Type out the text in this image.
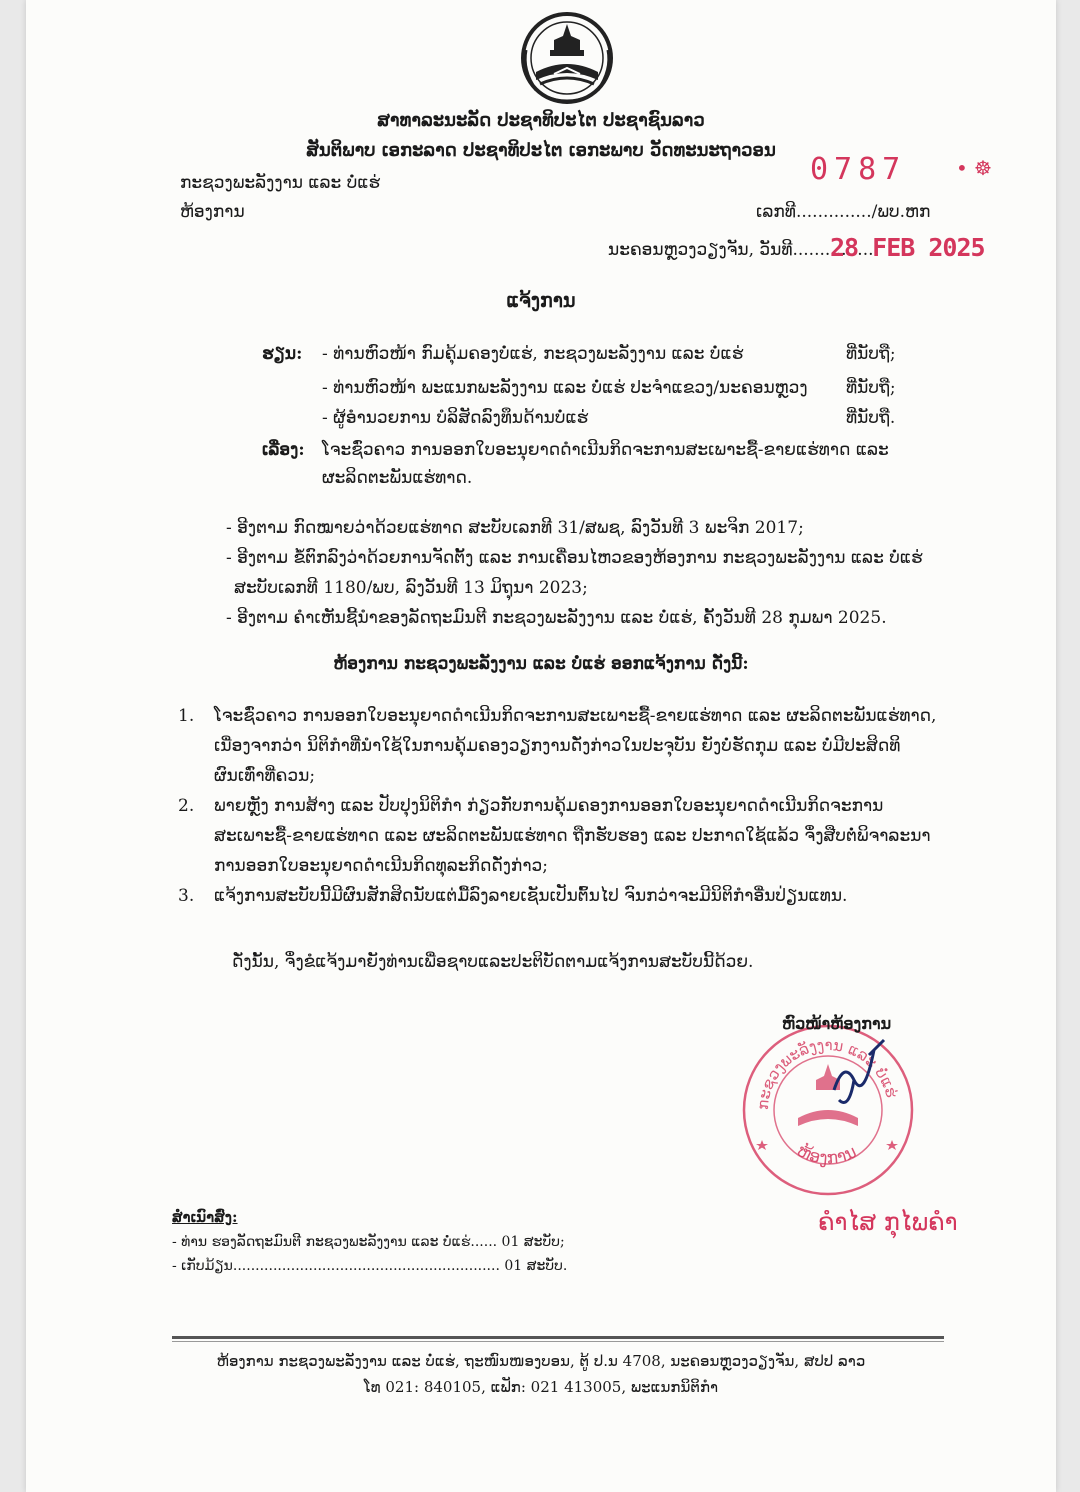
ສາທາລະນະລັດ ປະຊາທິປະໄຕ ປະຊາຊົນລາວ
ສັນຕິພາບ ເອກະລາດ ປະຊາທິປະໄຕ ເອກະພາບ ວັດທະນະຖາວອນ
ກະຊວງພະລັງງານ ແລະ ບໍ່ແຮ່
ຫ້ອງການ	ເລກທີ............../ພບ.ຫກ
ນະຄອນຫຼວງວຽງຈັນ, ວັນທີ...............
0787 • ☸
28 FEB 2025
ແຈ້ງການ
ຮຽນ: - ທ່ານຫົວໜ້າ ກົມຄຸ້ມຄອງບໍ່ແຮ່, ກະຊວງພະລັງງານ ແລະ ບໍ່ແຮ່	ທີ່ນັບຖື;
- ທ່ານຫົວໜ້າ ພະແນກພະລັງງານ ແລະ ບໍ່ແຮ່ ປະຈຳແຂວງ/ນະຄອນຫຼວງ ທີ່ນັບຖື;
- ຜູ້ອຳນວຍການ ບໍລິສັດລົງທຶນດ້ານບໍ່ແຮ່	ທີ່ນັບຖື.
ເລື່ອງ: ໂຈະຊົ່ວຄາວ ການອອກໃບອະນຸຍາດດຳເນີນກິດຈະການສະເພາະຊື້-ຂາຍແຮ່ທາດ ແລະ
ຜະລິດຕະພັນແຮ່ທາດ.
- ອີງຕາມ ກົດໝາຍວ່າດ້ວຍແຮ່ທາດ ສະບັບເລກທີ 31/ສພຊ, ລົງວັນທີ 3 ພະຈິກ 2017;
- ອີງຕາມ ຂໍ້ຕົກລົງວ່າດ້ວຍການຈັດຕັ້ງ ແລະ ການເຄື່ອນໄຫວຂອງຫ້ອງການ ກະຊວງພະລັງງານ ແລະ ບໍ່ແຮ່
ສະບັບເລກທີ 1180/ພບ, ລົງວັນທີ 13 ມິຖຸນາ 2023;
- ອີງຕາມ ຄຳເຫັນຊີ້ນຳຂອງລັດຖະມົນຕີ ກະຊວງພະລັງງານ ແລະ ບໍ່ແຮ່, ຄັ້ງວັນທີ 28 ກຸມພາ 2025.
ຫ້ອງການ ກະຊວງພະລັງງານ ແລະ ບໍ່ແຮ່ ອອກແຈ້ງການ ດັ່ງນີ້:
1. ໂຈະຊົ່ວຄາວ ການອອກໃບອະນຸຍາດດຳເນີນກິດຈະການສະເພາະຊື້-ຂາຍແຮ່ທາດ ແລະ ຜະລິດຕະພັນແຮ່ທາດ,
ເນື່ອງຈາກວ່າ ນິຕິກຳທີ່ນຳໃຊ້ໃນການຄຸ້ມຄອງວຽກງານດັ່ງກ່າວໃນປະຈຸບັນ ຍັງບໍ່ຮັດກຸມ ແລະ ບໍ່ມີປະສິດທິ
ຜົນເທົ່າທີ່ຄວນ;
2. ພາຍຫຼັງ ການສ້າງ ແລະ ປັບປຸງນິຕິກຳ ກ່ຽວກັບການຄຸ້ມຄອງການອອກໃບອະນຸຍາດດຳເນີນກິດຈະການ
ສະເພາະຊື້-ຂາຍແຮ່ທາດ ແລະ ຜະລິດຕະພັນແຮ່ທາດ ຖືກຮັບຮອງ ແລະ ປະກາດໃຊ້ແລ້ວ ຈຶ່ງສືບຕໍ່ພິຈາລະນາ
ການອອກໃບອະນຸຍາດດຳເນີນກິດທຸລະກິດດັ່ງກ່າວ;
3. ແຈ້ງການສະບັບນີ້ມີຜົນສັກສິດນັບແຕ່ມື້ລົງລາຍເຊັນເປັນຕົ້ນໄປ ຈົນກວ່າຈະມີນິຕິກຳອື່ນປ່ຽນແທນ.
ດັ່ງນັ້ນ, ຈຶ່ງຂໍແຈ້ງມາຍັງທ່ານເພື່ອຊາບແລະປະຕິບັດຕາມແຈ້ງການສະບັບນີ້ດ້ວຍ.
ກະຊວງພະລັງງານ ແລະ ບໍ່ແຮ່
ຫ້ອງການ
ຫົວໜ້າຫ້ອງການ
ຄຳໄສ ກຸໄພຄຳ
ສຳເນົາສົ່ງ:
- ທ່ານ ຮອງລັດຖະມົນຕີ ກະຊວງພະລັງງານ ແລະ ບໍ່ແຮ່...... 01 ສະບັບ;
- ເກັບມ້ຽນ............................................................ 01 ສະບັບ.
ຫ້ອງການ ກະຊວງພະລັງງານ ແລະ ບໍ່ແຮ່, ຖະໜົນໜອງບອນ, ຕູ້ ປ.ນ 4708, ນະຄອນຫຼວງວຽງຈັນ, ສປປ ລາວ
ໂທ 021: 840105, ແຟັກ: 021 413005, ພະແນກນິຕິກຳ
